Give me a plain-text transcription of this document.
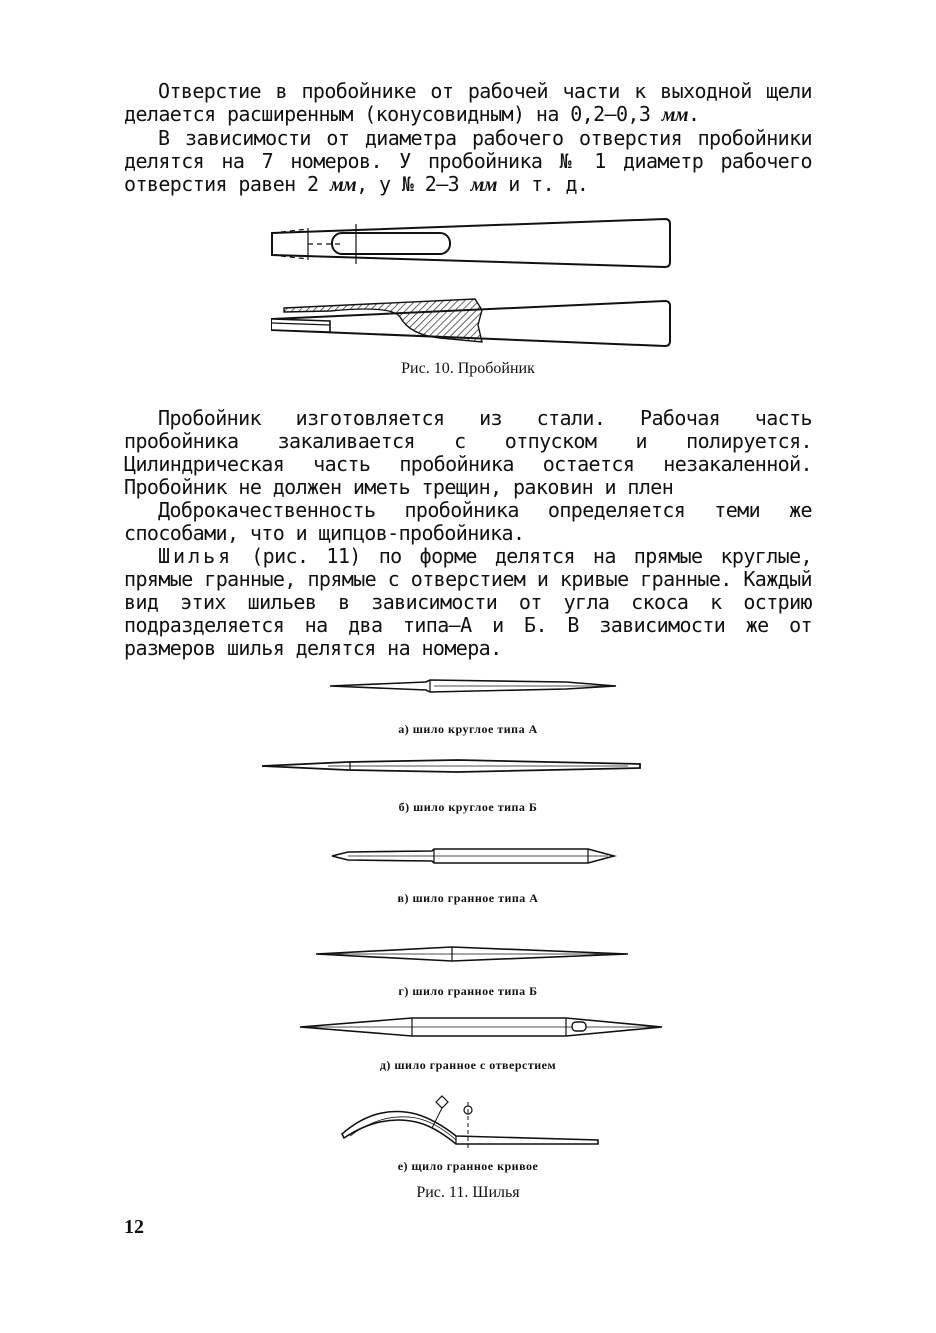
Отверстие в пробойнике от рабочей части к выходной щели делается расширенным (конусовидным) на 0,2—0,3 мм.
В зависимости от диаметра рабочего отверстия пробойники делятся на 7 номеров. У пробойника № 1 диаметр рабочего отверстия равен 2 мм, у № 2—3 мм и т. д.
Рис. 10. Пробойник
Пробойник изготовляется из стали. Рабочая часть пробойника закаливается с отпуском и полируется. Цилиндрическая часть пробойника остается незакаленной. Пробойник не должен иметь трещин, раковин и плен
Доброкачественность пробойника определяется теми же способами, что и щипцов-пробойника.
Шилья (рис. 11) по форме делятся на прямые круглые, прямые гранные, прямые с отверстием и кривые гранные. Каждый вид этих шильев в зависимости от угла скоса к острию подразделяется на два типа—А и Б. В зависимости же от размеров шилья делятся на номера.
а) шило круглое типа А
б) шило круглое типа Б
в) шило гранное типа А
г) шило гранное типа Б
д) шило гранное с отверстием
е) щило гранное кривое
Рис. 11. Шилья
12
